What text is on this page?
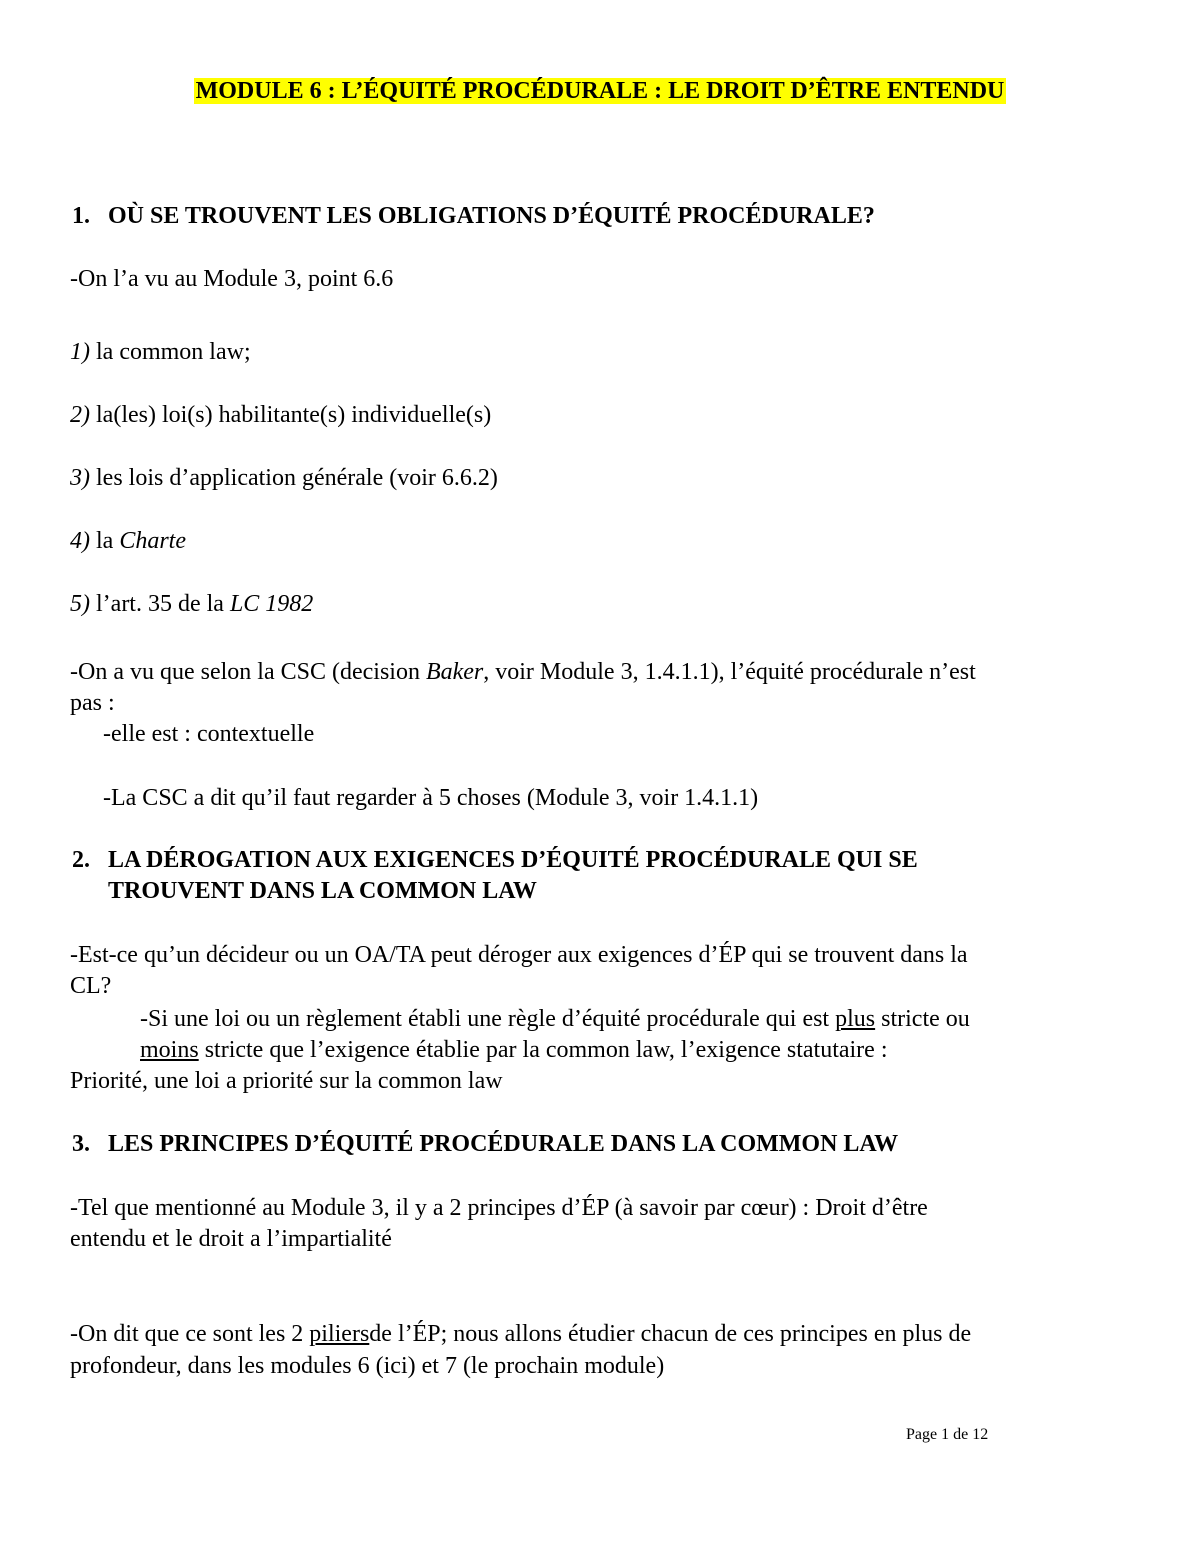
MODULE 6 : L’ÉQUITÉ PROCÉDURALE : LE DROIT D’ÊTRE ENTENDU
1. OÙ SE TROUVENT LES OBLIGATIONS D’ÉQUITÉ PROCÉDURALE?
-On l’a vu au Module 3, point 6.6
1) la common law;
2) la(les) loi(s) habilitante(s) individuelle(s)
3) les lois d’application générale (voir 6.6.2)
4) la Charte
5) l’art. 35 de la LC 1982
-On a vu que selon la CSC (decision Baker, voir Module 3, 1.4.1.1), l’équité procédurale n’est
pas :
-elle est : contextuelle
-La CSC a dit qu’il faut regarder à 5 choses (Module 3, voir 1.4.1.1)
2. LA DÉROGATION AUX EXIGENCES D’ÉQUITÉ PROCÉDURALE QUI SE
TROUVENT DANS LA COMMON LAW
-Est-ce qu’un décideur ou un OA/TA peut déroger aux exigences d’ÉP qui se trouvent dans la
CL?
-Si une loi ou un règlement établi une règle d’équité procédurale qui est plus stricte ou
moins stricte que l’exigence établie par la common law, l’exigence statutaire :
Priorité, une loi a priorité sur la common law
3. LES PRINCIPES D’ÉQUITÉ PROCÉDURALE DANS LA COMMON LAW
-Tel que mentionné au Module 3, il y a 2 principes d’ÉP (à savoir par cœur) : Droit d’être
entendu et le droit a l’impartialité
-On dit que ce sont les 2 piliersde l’ÉP; nous allons étudier chacun de ces principes en plus de
profondeur, dans les modules 6 (ici) et 7 (le prochain module)
Page 1 de 12
